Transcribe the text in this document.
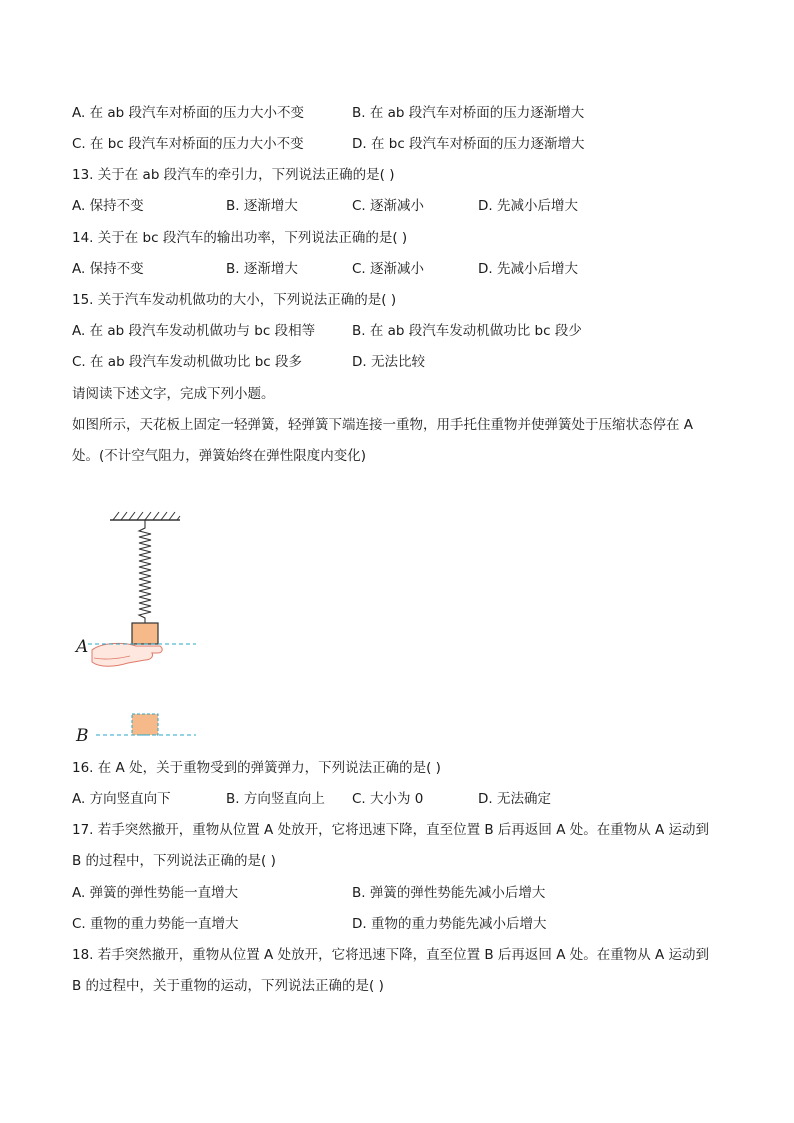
A. 在 ab 段汽车对桥面的压力大小不变	B. 在 ab 段汽车对桥面的压力逐渐增大
C. 在 bc 段汽车对桥面的压力大小不变	D. 在 bc 段汽车对桥面的压力逐渐增大
13. 关于在 ab 段汽车的牵引力，下列说法正确的是( )
A. 保持不变	B. 逐渐增大	C. 逐渐减小	D. 先减小后增大
14. 关于在 bc 段汽车的输出功率，下列说法正确的是( )
A. 保持不变	B. 逐渐增大	C. 逐渐减小	D. 先减小后增大
15. 关于汽车发动机做功的大小，下列说法正确的是( )
A. 在 ab 段汽车发动机做功与 bc 段相等	B. 在 ab 段汽车发动机做功比 bc 段少
C. 在 ab 段汽车发动机做功比 bc 段多	D. 无法比较
请阅读下述文字，完成下列小题。
如图所示，天花板上固定一轻弹簧，轻弹簧下端连接一重物，用手托住重物并使弹簧处于压缩状态停在 A
处。(不计空气阻力，弹簧始终在弹性限度内变化)
A
B
16. 在 A 处，关于重物受到的弹簧弹力，下列说法正确的是( )
A. 方向竖直向下	B. 方向竖直向上 C. 大小为 0	D. 无法确定
17. 若手突然撤开，重物从位置 A 处放开，它将迅速下降，直至位置 B 后再返回 A 处。在重物从 A 运动到
B 的过程中，下列说法正确的是( )
A. 弹簧的弹性势能一直增大	B. 弹簧的弹性势能先减小后增大
C. 重物的重力势能一直增大	D. 重物的重力势能先减小后增大
18. 若手突然撤开，重物从位置 A 处放开，它将迅速下降，直至位置 B 后再返回 A 处。在重物从 A 运动到
B 的过程中，关于重物的运动，下列说法正确的是( )
